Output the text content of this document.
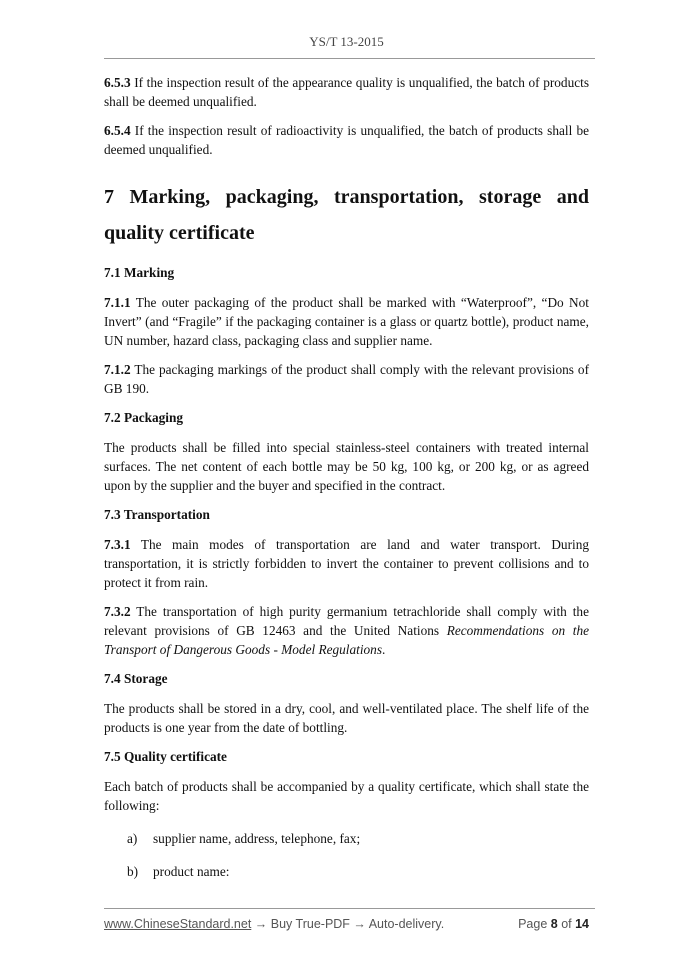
YS/T 13-2015

6.5.3 If the inspection result of the appearance quality is unqualified, the batch of products shall be deemed unqualified.

6.5.4 If the inspection result of radioactivity is unqualified, the batch of products shall be deemed unqualified.

7 Marking, packaging, transportation, storage and quality certificate
7.1 Marking

7.1.1 The outer packaging of the product shall be marked with “Waterproof”, “Do Not Invert” (and “Fragile” if the packaging container is a glass or quartz bottle), product name, UN number, hazard class, packaging class and supplier name.

7.1.2 The packaging markings of the product shall comply with the relevant provisions of GB 190.

7.2 Packaging

The products shall be filled into special stainless-steel containers with treated internal surfaces. The net content of each bottle may be 50 kg, 100 kg, or 200 kg, or as agreed upon by the supplier and the buyer and specified in the contract.

7.3 Transportation

7.3.1 The main modes of transportation are land and water transport. During transportation, it is strictly forbidden to invert the container to prevent collisions and to protect it from rain.

7.3.2 The transportation of high purity germanium tetrachloride shall comply with the relevant provisions of GB 12463 and the United Nations Recommendations on the Transport of Dangerous Goods - Model Regulations.

7.4 Storage

The products shall be stored in a dry, cool, and well-ventilated place. The shelf life of the products is one year from the date of bottling.

7.5 Quality certificate

Each batch of products shall be accompanied by a quality certificate, which shall state the following:

a)	supplier name, address, telephone, fax;
b)	product name:
www.ChineseStandard.net → Buy True-PDF → Auto-delivery.	Page 8 of 14
